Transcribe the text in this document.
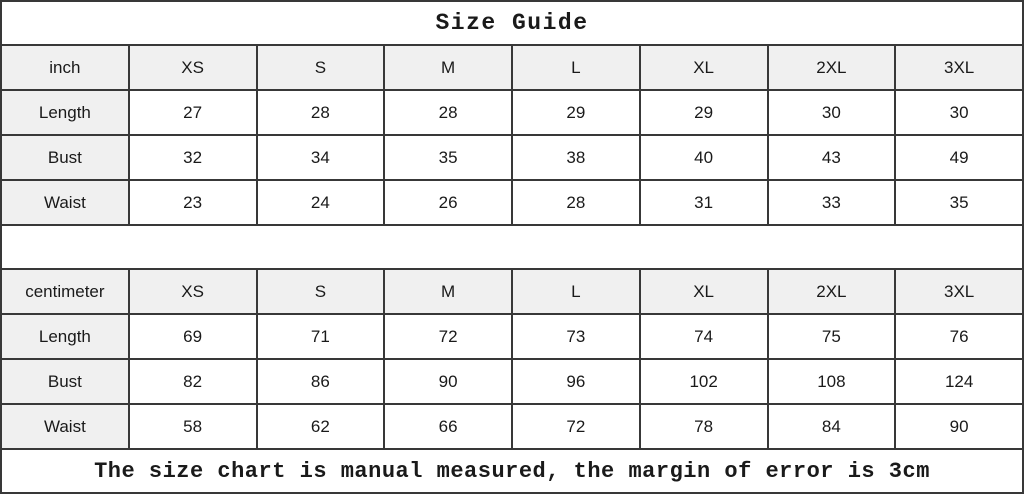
Size Guide
inch	XS	S	M	L	XL	2XL	3XL
Length	27	28	28	29	29	30	30
Bust	32	34	35	38	40	43	49
Waist	23	24	26	28	31	33	35
centimeter	XS	S	M	L	XL	2XL	3XL
Length	69	71	72	73	74	75	76
Bust	82	86	90	96	102	108	124
Waist	58	62	66	72	78	84	90
The size chart is manual measured, the margin of error is 3cm
